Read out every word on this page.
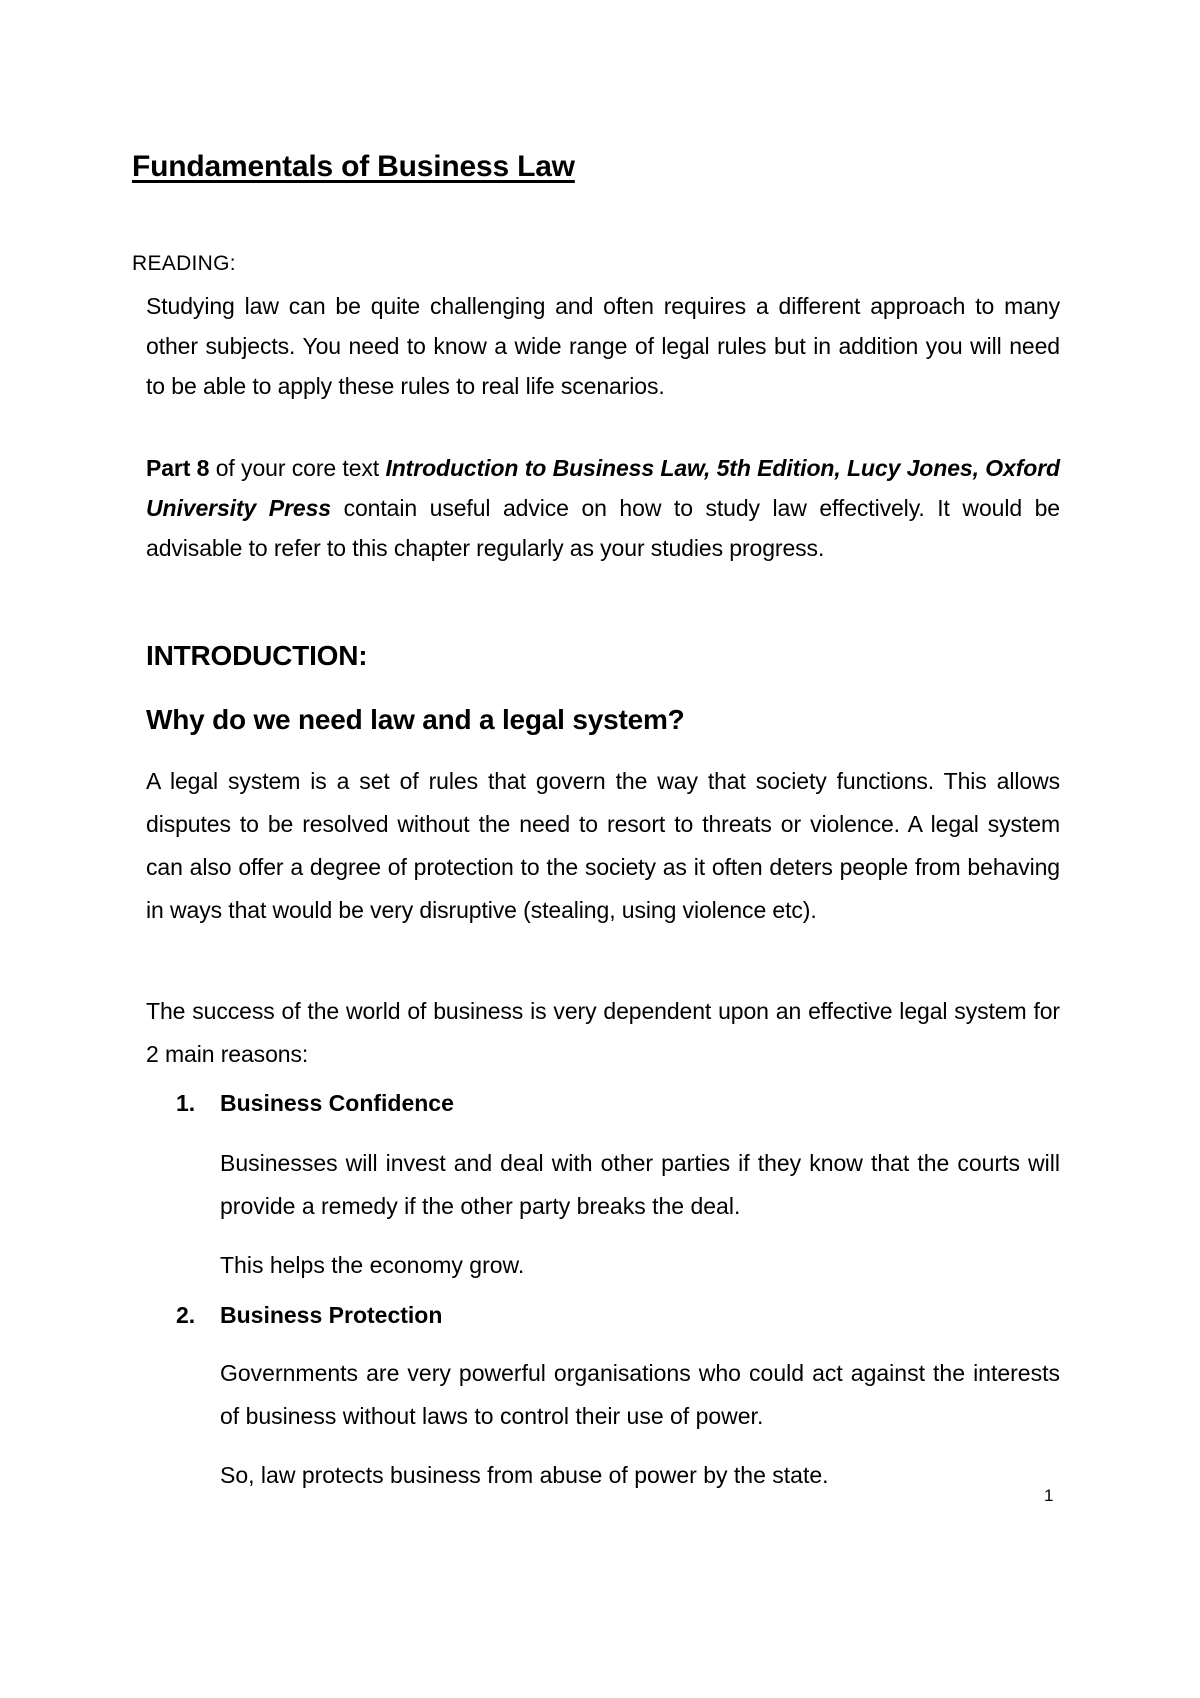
Fundamentals of Business Law

READING:

Studying law can be quite challenging and often requires a different approach to many other subjects. You need to know a wide range of legal rules but in addition you will need to be able to apply these rules to real life scenarios.

Part 8 of your core text Introduction to Business Law, 5th Edition, Lucy Jones, Oxford University Press contain useful advice on how to study law effectively. It would be advisable to refer to this chapter regularly as your studies progress.

INTRODUCTION:
Why do we need law and a legal system?

A legal system is a set of rules that govern the way that society functions. This allows disputes to be resolved without the need to resort to threats or violence. A legal system can also offer a degree of protection to the society as it often deters people from behaving in ways that would be very disruptive (stealing, using violence etc).

The success of the world of business is very dependent upon an effective legal system for 2 main reasons:

1. Business Confidence

Businesses will invest and deal with other parties if they know that the courts will provide a remedy if the other party breaks the deal.

This helps the economy grow.

2. Business Protection

Governments are very powerful organisations who could act against the interests of business without laws to control their use of power.

So, law protects business from abuse of power by the state.

1
